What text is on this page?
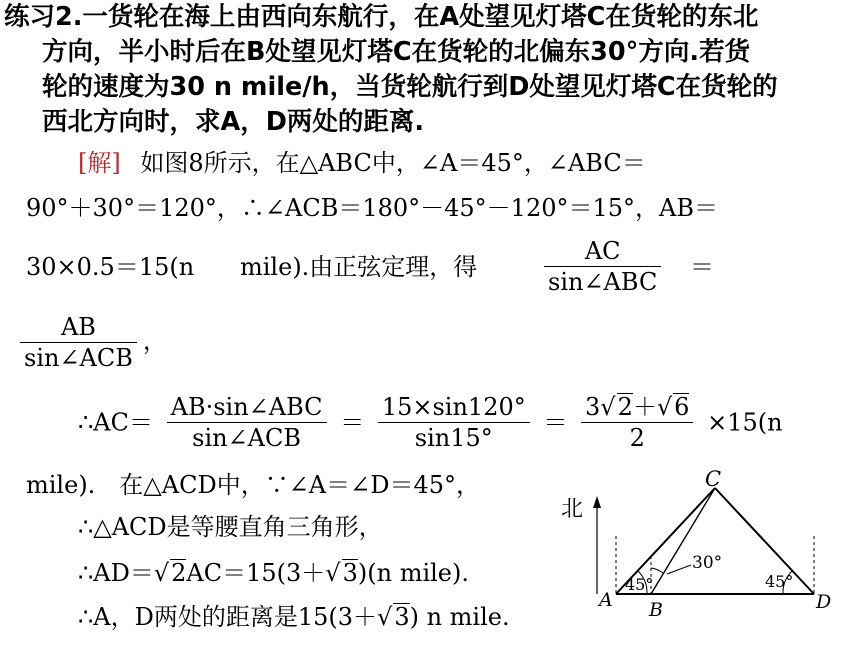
练习2.一货轮在海上由西向东航行，在A处望见灯塔C在货轮的东北
方向，半小时后在B处望见灯塔C在货轮的北偏东30°方向.若货
轮的速度为30 n mile/h，当货轮航行到D处望见灯塔C在货轮的
西北方向时，求A，D两处的距离.
[解] 如图8所示，在△ABC中，∠A＝45°，∠ABC＝
90°＋30°＝120°，∴∠ACB＝180°－45°－120°＝15°，AB＝
30×0.5＝15(n mile).由正弦定理，得	$\frac{AC}{\text{sin∠ABC}}$ ＝
$\frac{AB}{\text{sin∠ACB}}$ ，
∴AC＝ $\frac{\text{AB·sin∠ABC}}{\text{sin∠ACB}} = \frac{15\times\sin 120^\circ}{\sin 15^\circ} = \frac{3√2+√6}{2} \times 15(n$
mile).　在△ACD中，∵∠A＝∠D＝45°，
∴△ACD是等腰直角三角形，
∴AD＝√2AC＝15(3＋√3)(n mile).
∴A，D两处的距离是15(3＋√3) n mile.
北
C
A B	D
30°
45°	45°
